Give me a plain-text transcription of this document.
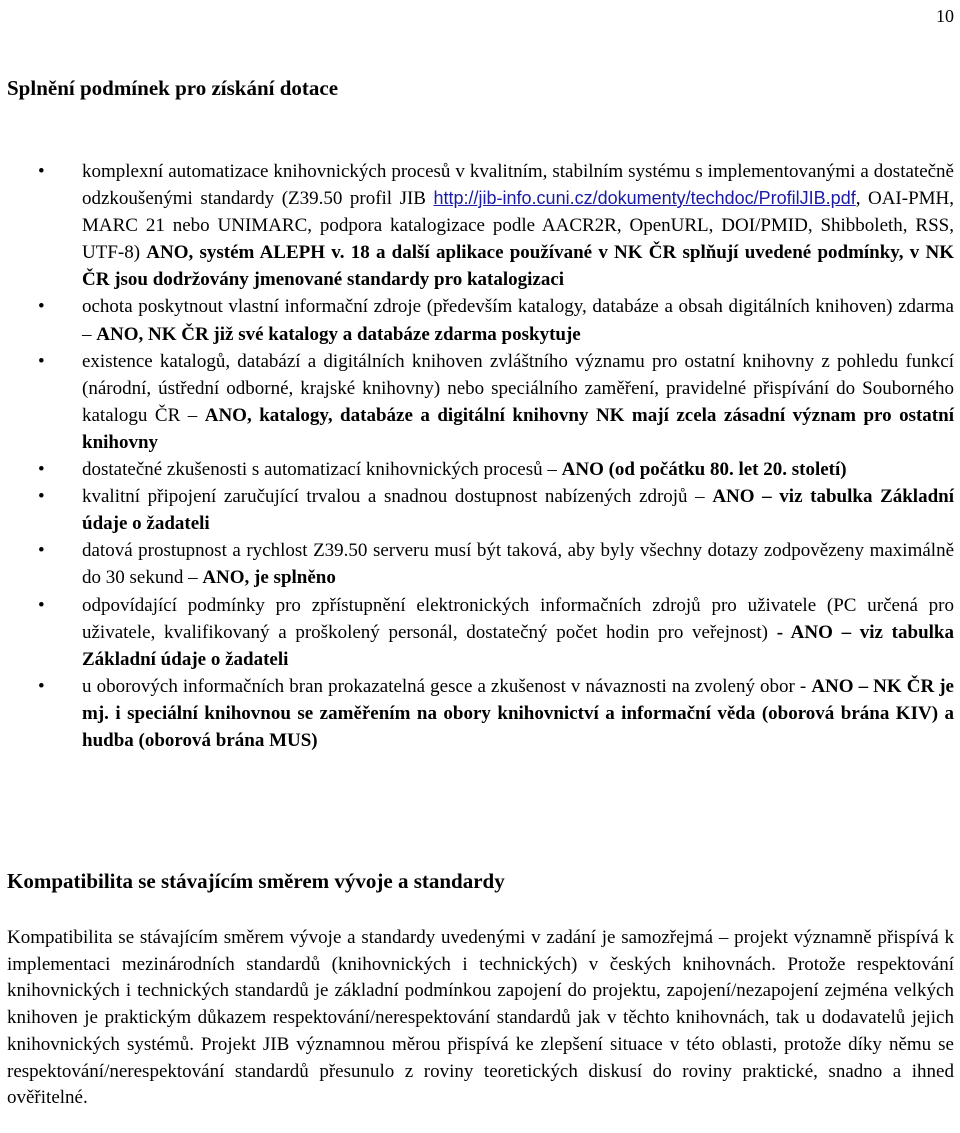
10
Splnění podmínek pro získání dotace
• komplexní automatizace knihovnických procesů v kvalitním, stabilním systému s implementovanými a dostatečně odzkoušenými standardy (Z39.50 profil JIB http://jib-info.cuni.cz/dokumenty/techdoc/ProfilJIB.pdf, OAI-PMH, MARC 21 nebo UNIMARC, podpora katalogizace podle AACR2R, OpenURL, DOI/PMID, Shibboleth, RSS, UTF-8) ANO, systém ALEPH v. 18 a další aplikace používané v NK ČR splňují uvedené podmínky, v NK ČR jsou dodržovány jmenované standardy pro katalogizaci
• ochota poskytnout vlastní informační zdroje (především katalogy, databáze a obsah digitálních knihoven) zdarma – ANO, NK ČR již své katalogy a databáze zdarma poskytuje
• existence katalogů, databází a digitálních knihoven zvláštního významu pro ostatní knihovny z pohledu funkcí (národní, ústřední odborné, krajské knihovny) nebo speciálního zaměření, pravidelné přispívání do Souborného katalogu ČR – ANO, katalogy, databáze a digitální knihovny NK mají zcela zásadní význam pro ostatní knihovny
• dostatečné zkušenosti s automatizací knihovnických procesů – ANO (od počátku 80. let 20. století)
• kvalitní připojení zaručující trvalou a snadnou dostupnost nabízených zdrojů – ANO – viz tabulka Základní údaje o žadateli
• datová prostupnost a rychlost Z39.50 serveru musí být taková, aby byly všechny dotazy zodpovězeny maximálně do 30 sekund – ANO, je splněno
• odpovídající podmínky pro zpřístupnění elektronických informačních zdrojů pro uživatele (PC určená pro uživatele, kvalifikovaný a proškolený personál, dostatečný počet hodin pro veřejnost) - ANO – viz tabulka Základní údaje o žadateli
• u oborových informačních bran prokazatelná gesce a zkušenost v návaznosti na zvolený obor - ANO – NK ČR je mj. i speciální knihovnou se zaměřením na obory knihovnictví a informační věda (oborová brána KIV) a hudba (oborová brána MUS)
Kompatibilita se stávajícím směrem vývoje a standardy

Kompatibilita se stávajícím směrem vývoje a standardy uvedenými v zadání je samozřejmá – projekt významně přispívá k implementaci mezinárodních standardů (knihovnických i technických) v českých knihovnách. Protože respektování knihovnických i technických standardů je základní podmínkou zapojení do projektu, zapojení/nezapojení zejména velkých knihoven je praktickým důkazem respektování/nerespektování standardů jak v těchto knihovnách, tak u dodavatelů jejich knihovnických systémů. Projekt JIB významnou měrou přispívá ke zlepšení situace v této oblasti, protože díky němu se respektování/nerespektování standardů přesunulo z roviny teoretických diskusí do roviny praktické, snadno a ihned ověřitelné.
